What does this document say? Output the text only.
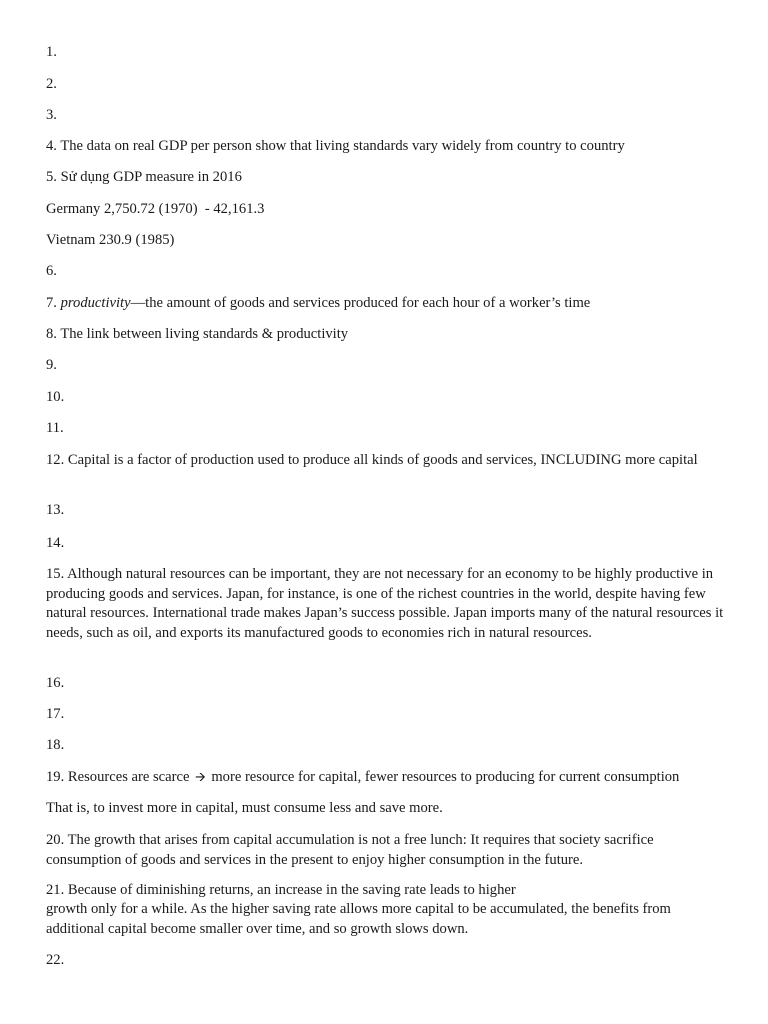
1.

2.

3.

4. The data on real GDP per person show that living standards vary widely from country to country

5. Sử dụng GDP measure in 2016

Germany 2,750.72 (1970)  - 42,161.3

Vietnam 230.9 (1985)

6.

7. productivity—the amount of goods and services produced for each hour of a worker’s time

8. The link between living standards & productivity

9.

10.

11.

12. Capital is a factor of production used to produce all kinds of goods and services, INCLUDING more capital

13.

14.

15. Although natural resources can be important, they are not necessary for an economy to be highly productive in producing goods and services. Japan, for instance, is one of the richest countries in the world, despite having few natural resources. International trade makes Japan’s success possible. Japan imports many of the natural resources it needs, such as oil, and exports its manufactured goods to economies rich in natural resources.

16.

17.

18.

19. Resources are scarce 🡪 more resource for capital, fewer resources to producing for current consumption

That is, to invest more in capital, must consume less and save more.

20. The growth that arises from capital accumulation is not a free lunch: It requires that society sacrifice consumption of goods and services in the present to enjoy higher consumption in the future.

21. Because of diminishing returns, an increase in the saving rate leads to higher

growth only for a while. As the higher saving rate allows more capital to be accumulated, the benefits from additional capital become smaller over time, and so growth slows down.

22.
